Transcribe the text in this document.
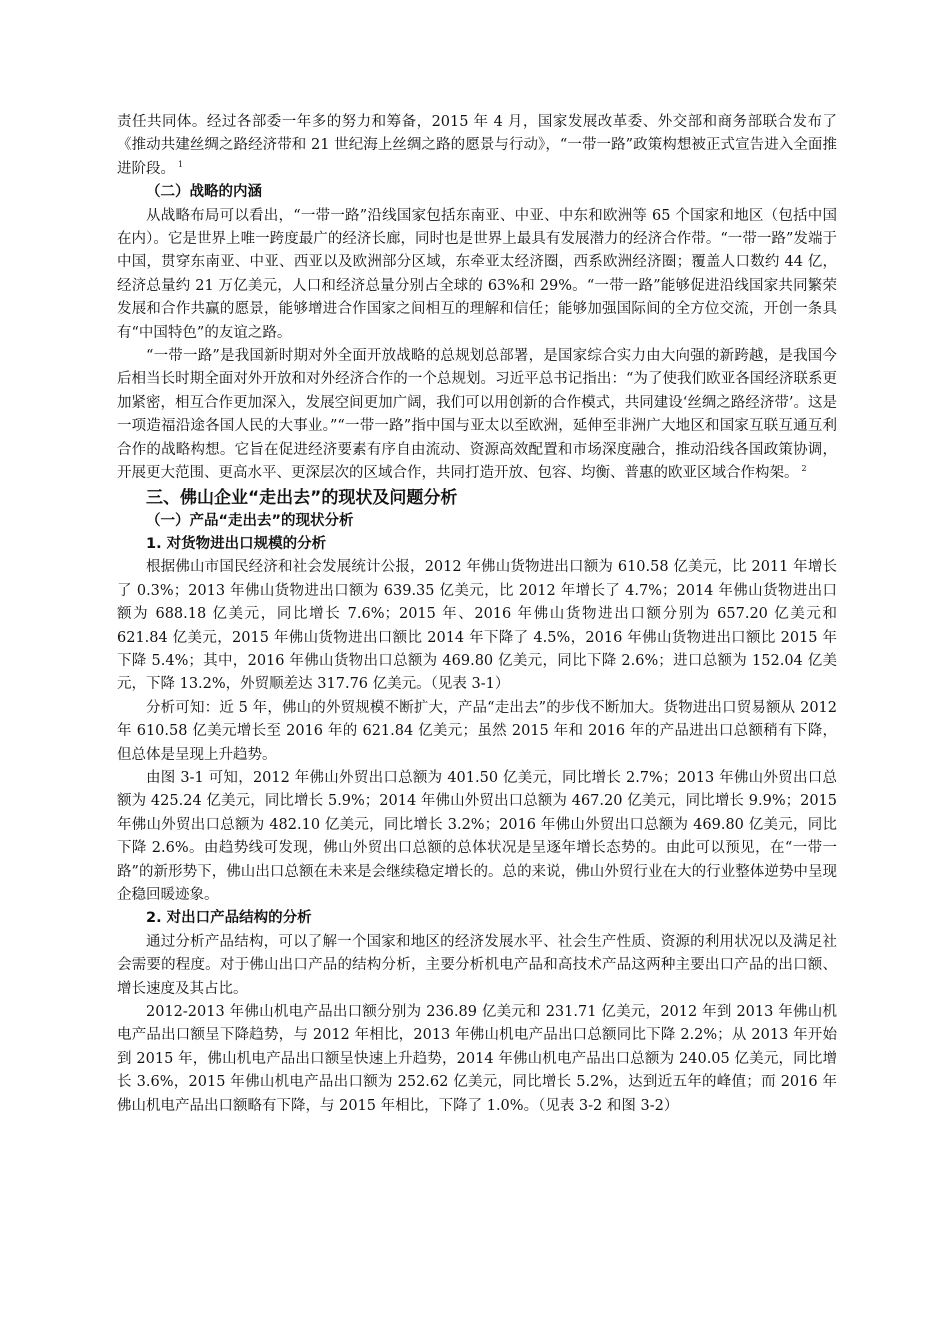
责任共同体。经过各部委一年多的努力和筹备，2015 年 4 月，国家发展改革委、外交部和商务部联合发布了《推动共建丝绸之路经济带和 21 世纪海上丝绸之路的愿景与行动》，“一带一路”政策构想被正式宣告进入全面推进阶段。 $^1$

（二）战略的内涵

从战略布局可以看出，“一带一路”沿线国家包括东南亚、中亚、中东和欧洲等 65 个国家和地区（包括中国在内）。它是世界上唯一跨度最广的经济长廊，同时也是世界上最具有发展潜力的经济合作带。“一带一路”发端于中国，贯穿东南亚、中亚、西亚以及欧洲部分区域，东牵亚太经济圈，西系欧洲经济圈；覆盖人口数约 44 亿，经济总量约 21 万亿美元，人口和经济总量分别占全球的 63%和 29%。“一带一路”能够促进沿线国家共同繁荣发展和合作共赢的愿景，能够增进合作国家之间相互的理解和信任；能够加强国际间的全方位交流，开创一条具有“中国特色”的友谊之路。

“一带一路”是我国新时期对外全面开放战略的总规划总部署，是国家综合实力由大向强的新跨越，是我国今后相当长时期全面对外开放和对外经济合作的一个总规划。习近平总书记指出：“为了使我们欧亚各国经济联系更加紧密，相互合作更加深入，发展空间更加广阔，我们可以用创新的合作模式，共同建设‘丝绸之路经济带’。这是一项造福沿途各国人民的大事业。”“一带一路”指中国与亚太以至欧洲，延伸至非洲广大地区和国家互联互通互利合作的战略构想。它旨在促进经济要素有序自由流动、资源高效配置和市场深度融合，推动沿线各国政策协调，开展更大范围、更高水平、更深层次的区域合作，共同打造开放、包容、均衡、普惠的欧亚区域合作构架。 $^2$

三、佛山企业“走出去”的现状及问题分析
（一）产品“走出去”的现状分析
1. 对货物进出口规模的分析

根据佛山市国民经济和社会发展统计公报，2012 年佛山货物进出口额为 610.58 亿美元，比 2011 年增长了 0.3%；2013 年佛山货物进出口额为 639.35 亿美元，比 2012 年增长了 4.7%；2014 年佛山货物进出口额为 688.18 亿美元，同比增长 7.6%；2015 年、2016 年佛山货物进出口额分别为 657.20 亿美元和 621.84 亿美元，2015 年佛山货物进出口额比 2014 年下降了 4.5%，2016 年佛山货物进出口额比 2015 年下降 5.4%；其中，2016 年佛山货物出口总额为 469.80 亿美元，同比下降 2.6%；进口总额为 152.04 亿美元，下降 13.2%，外贸顺差达 317.76 亿美元。（见表 3-1）

分析可知：近 5 年，佛山的外贸规模不断扩大，产品“走出去”的步伐不断加大。货物进出口贸易额从 2012 年 610.58 亿美元增长至 2016 年的 621.84 亿美元；虽然 2015 年和 2016 年的产品进出口总额稍有下降，但总体是呈现上升趋势。

由图 3-1 可知，2012 年佛山外贸出口总额为 401.50 亿美元，同比增长 2.7%；2013 年佛山外贸出口总额为 425.24 亿美元，同比增长 5.9%；2014 年佛山外贸出口总额为 467.20 亿美元，同比增长 9.9%；2015 年佛山外贸出口总额为 482.10 亿美元，同比增长 3.2%；2016 年佛山外贸出口总额为 469.80 亿美元，同比下降 2.6%。由趋势线可发现，佛山外贸出口总额的总体状况是呈逐年增长态势的。由此可以预见，在“一带一路”的新形势下，佛山出口总额在未来是会继续稳定增长的。总的来说，佛山外贸行业在大的行业整体逆势中呈现企稳回暖迹象。

2. 对出口产品结构的分析

通过分析产品结构，可以了解一个国家和地区的经济发展水平、社会生产性质、资源的利用状况以及满足社会需要的程度。对于佛山出口产品的结构分析，主要分析机电产品和高技术产品这两种主要出口产品的出口额、增长速度及其占比。

2012-2013 年佛山机电产品出口额分别为 236.89 亿美元和 231.71 亿美元，2012 年到 2013 年佛山机电产品出口额呈下降趋势，与 2012 年相比，2013 年佛山机电产品出口总额同比下降 2.2%；从 2013 年开始到 2015 年，佛山机电产品出口额呈快速上升趋势，2014 年佛山机电产品出口总额为 240.05 亿美元，同比增长 3.6%，2015 年佛山机电产品出口额为 252.62 亿美元，同比增长 5.2%，达到近五年的峰值；而 2016 年佛山机电产品出口额略有下降，与 2015 年相比，下降了 1.0%。（见表 3-2 和图 3-2）
